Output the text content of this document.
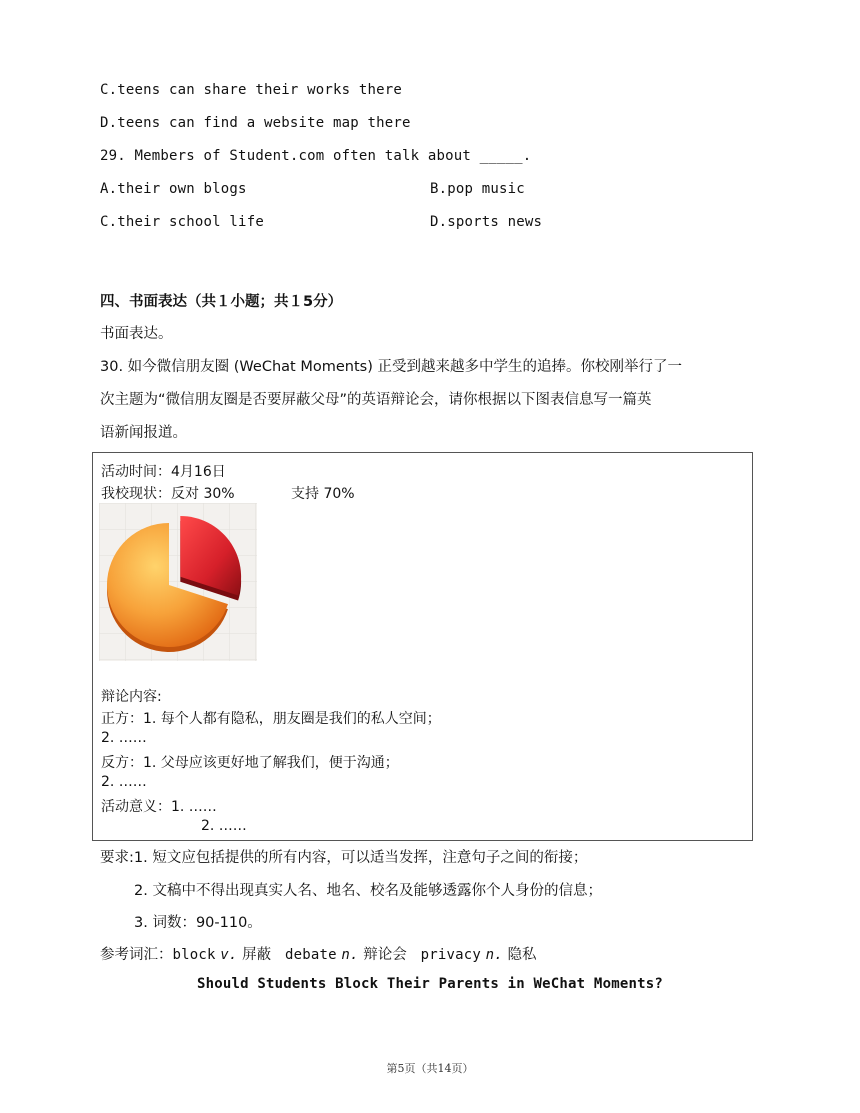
C.teens can share their works there
D.teens can find a website map there
29. Members of Student.com often talk about _____.
A.their own blogs	B.pop music
C.their school life	D.sports news
四、书面表达（共１小题；共１5分）
书面表达。
30. 如今微信朋友圈 (WeChat Moments) 正受到越来越多中学生的追捧。你校刚举行了一
次主题为“微信朋友圈是否要屏蔽父母”的英语辩论会，请你根据以下图表信息写一篇英
语新闻报道。
活动时间：4月16日
我校现状：反对 30%	支持 70%
辩论内容:
正方：1. 每个人都有隐私，朋友圈是我们的私人空间；
2. ……
反方：1. 父母应该更好地了解我们，便于沟通；
2. ……
活动意义：1. ……
2. ……
要求:1. 短文应包括提供的所有内容，可以适当发挥，注意句子之间的衔接；
2. 文稿中不得出现真实人名、地名、校名及能够透露你个人身份的信息；
3. 词数：90-110。
参考词汇：block v. 屏蔽 debate n. 辩论会 privacy n. 隐私
Should Students Block Their Parents in WeChat Moments?
第5页（共14页）
